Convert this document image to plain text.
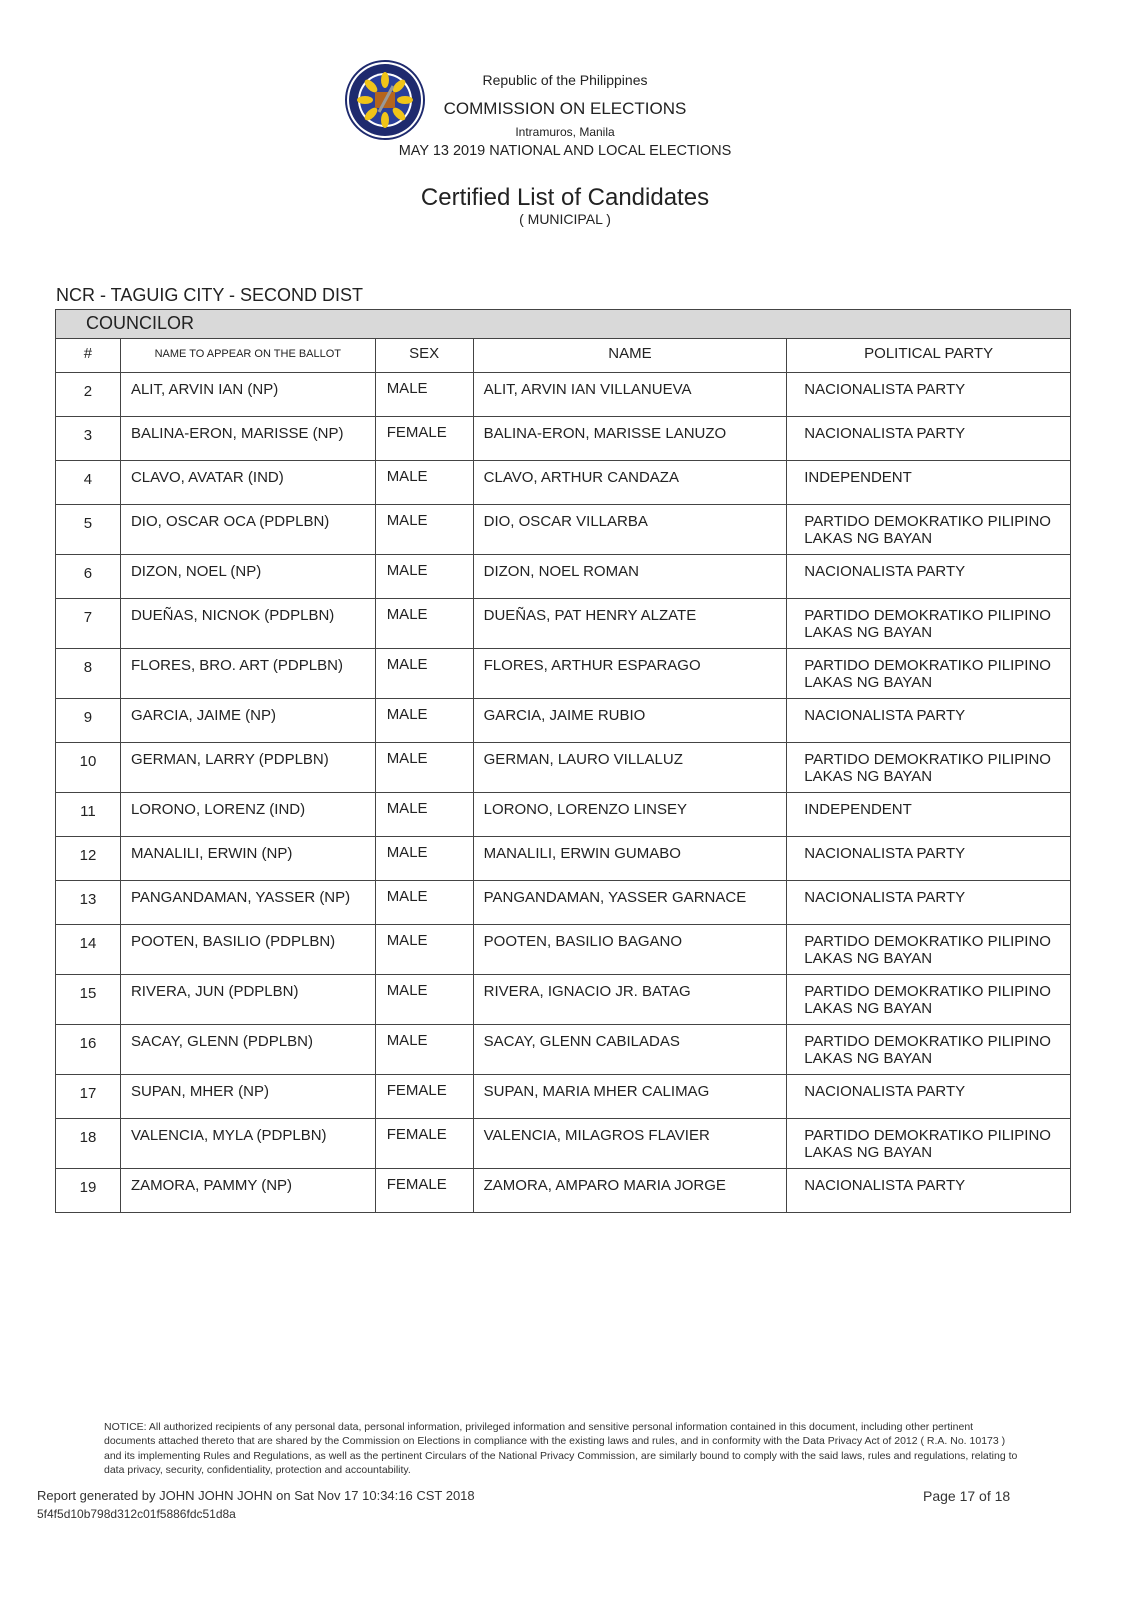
Republic of the Philippines
COMMISSION ON ELECTIONS
Intramuros, Manila
MAY 13 2019 NATIONAL AND LOCAL ELECTIONS
Certified List of Candidates
( MUNICIPAL )
NCR - TAGUIG CITY - SECOND DIST
COUNCILOR				
#	NAME TO APPEAR ON THE BALLOT	SEX	NAME	POLITICAL PARTY
2	ALIT, ARVIN IAN (NP)	MALE	ALIT, ARVIN IAN VILLANUEVA	NACIONALISTA PARTY
3	BALINA-ERON, MARISSE (NP)	FEMALE	BALINA-ERON, MARISSE LANUZO	NACIONALISTA PARTY
4	CLAVO, AVATAR (IND)	MALE	CLAVO, ARTHUR CANDAZA	INDEPENDENT
5	DIO, OSCAR OCA (PDPLBN)	MALE	DIO, OSCAR VILLARBA	PARTIDO DEMOKRATIKO PILIPINO LAKAS NG BAYAN
6	DIZON, NOEL (NP)	MALE	DIZON, NOEL ROMAN	NACIONALISTA PARTY
7	DUEÑAS, NICNOK (PDPLBN)	MALE	DUEÑAS, PAT HENRY ALZATE	PARTIDO DEMOKRATIKO PILIPINO LAKAS NG BAYAN
8	FLORES, BRO. ART (PDPLBN)	MALE	FLORES, ARTHUR ESPARAGO	PARTIDO DEMOKRATIKO PILIPINO LAKAS NG BAYAN
9	GARCIA, JAIME (NP)	MALE	GARCIA, JAIME RUBIO	NACIONALISTA PARTY
10	GERMAN, LARRY (PDPLBN)	MALE	GERMAN, LAURO VILLALUZ	PARTIDO DEMOKRATIKO PILIPINO LAKAS NG BAYAN
11	LORONO, LORENZ (IND)	MALE	LORONO, LORENZO LINSEY	INDEPENDENT
12	MANALILI, ERWIN (NP)	MALE	MANALILI, ERWIN GUMABO	NACIONALISTA PARTY
13	PANGANDAMAN, YASSER (NP)	MALE	PANGANDAMAN, YASSER GARNACE	NACIONALISTA PARTY
14	POOTEN, BASILIO (PDPLBN)	MALE	POOTEN, BASILIO BAGANO	PARTIDO DEMOKRATIKO PILIPINO LAKAS NG BAYAN
15	RIVERA, JUN (PDPLBN)	MALE	RIVERA, IGNACIO JR. BATAG	PARTIDO DEMOKRATIKO PILIPINO LAKAS NG BAYAN
16	SACAY, GLENN (PDPLBN)	MALE	SACAY, GLENN CABILADAS	PARTIDO DEMOKRATIKO PILIPINO LAKAS NG BAYAN
17	SUPAN, MHER (NP)	FEMALE	SUPAN, MARIA MHER CALIMAG	NACIONALISTA PARTY
18	VALENCIA, MYLA (PDPLBN)	FEMALE	VALENCIA, MILAGROS FLAVIER	PARTIDO DEMOKRATIKO PILIPINO LAKAS NG BAYAN
19	ZAMORA, PAMMY (NP)	FEMALE	ZAMORA, AMPARO MARIA JORGE	NACIONALISTA PARTY
NOTICE: All authorized recipients of any personal data, personal information, privileged information and sensitive personal information contained in this document, including other pertinent documents attached thereto that are shared by the Commission on Elections in compliance with the existing laws and rules, and in conformity with the Data Privacy Act of 2012 ( R.A. No. 10173 ) and its implementing Rules and Regulations, as well as the pertinent Circulars of the National Privacy Commission, are similarly bound to comply with the said laws, rules and regulations, relating to data privacy, security, confidentiality, protection and accountability.
Report generated by JOHN JOHN JOHN on Sat Nov 17 10:34:16 CST 2018
5f4f5d10b798d312c01f5886fdc51d8a
Page 17 of 18
